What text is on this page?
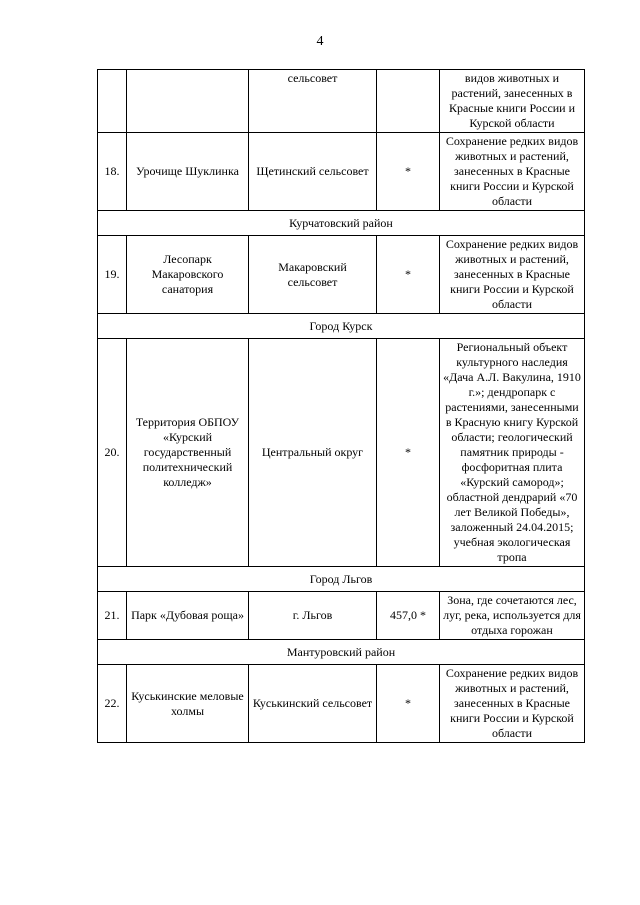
4
		сельсовет		видов животных и растений, занесенных в Красные книги России и Курской области
18.	Урочище Шуклинка	Щетинский сельсовет	*	Сохранение редких видов животных и растений, занесенных в Красные книги России и Курской области
Курчатовский район				
19.	Лесопарк Макаровского санатория	Макаровский сельсовет	*	Сохранение редких видов животных и растений, занесенных в Красные книги России и Курской области
Город Курск				
20.	Территория ОБПОУ «Курский государственный политехнический колледж»	Центральный округ	*	Региональный объект культурного наследия «Дача А.Л. Вакулина, 1910 г.»; дендропарк с растениями, занесенными в Красную книгу Курской области; геологический памятник природы - фосфоритная плита «Курский самород»; областной дендрарий «70 лет Великой Победы», заложенный 24.04.2015; учебная экологическая тропа
Город Льгов				
21.	Парк «Дубовая роща»	г. Льгов	457,0 *	Зона, где сочетаются лес, луг, река, используется для отдыха горожан
Мантуровский район				
22.	Куськинские меловые холмы	Куськинский сельсовет	*	Сохранение редких видов животных и растений, занесенных в Красные книги России и Курской области
